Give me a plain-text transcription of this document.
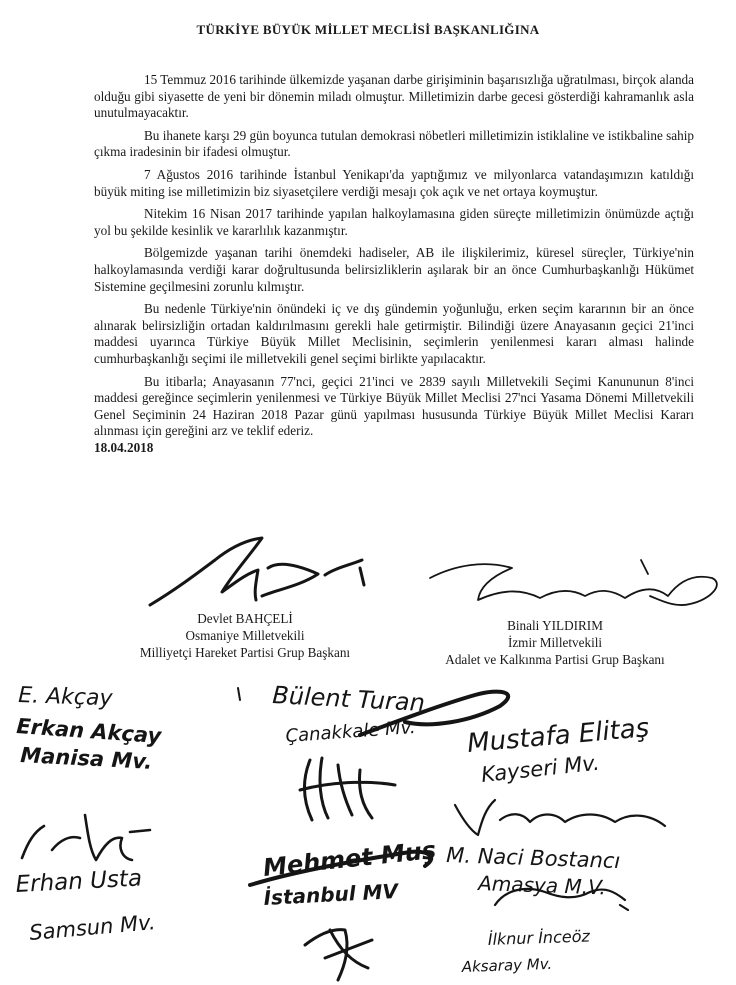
TÜRKİYE BÜYÜK MİLLET MECLİSİ BAŞKANLIĞINA

15 Temmuz 2016 tarihinde ülkemizde yaşanan darbe girişiminin başarısızlığa uğratılması, birçok alanda olduğu gibi siyasette de yeni bir dönemin miladı olmuştur. Milletimizin darbe gecesi gösterdiği kahramanlık asla unutulmayacaktır.

Bu ihanete karşı 29 gün boyunca tutulan demokrasi nöbetleri milletimizin istiklaline ve istikbaline sahip çıkma iradesinin bir ifadesi olmuştur.

7 Ağustos 2016 tarihinde İstanbul Yenikapı'da yaptığımız ve milyonlarca vatandaşımızın katıldığı büyük miting ise milletimizin biz siyasetçilere verdiği mesajı çok açık ve net ortaya koymuştur.

Nitekim 16 Nisan 2017 tarihinde yapılan halkoylamasına giden süreçte milletimizin önümüzde açtığı yol bu şekilde kesinlik ve kararlılık kazanmıştır.

Bölgemizde yaşanan tarihi önemdeki hadiseler, AB ile ilişkilerimiz, küresel süreçler, Türkiye'nin halkoylamasında verdiği karar doğrultusunda belirsizliklerin aşılarak bir an önce Cumhurbaşkanlığı Hükümet Sistemine geçilmesini zorunlu kılmıştır.

Bu nedenle Türkiye'nin önündeki iç ve dış gündemin yoğunluğu, erken seçim kararının bir an önce alınarak belirsizliğin ortadan kaldırılmasını gerekli hale getirmiştir. Bilindiği üzere Anayasanın geçici 21'inci maddesi uyarınca Türkiye Büyük Millet Meclisinin, seçimlerin yenilenmesi kararı alması halinde cumhurbaşkanlığı seçimi ile milletvekili genel seçimi birlikte yapılacaktır.

Bu itibarla; Anayasanın 77'nci, geçici 21'inci ve 2839 sayılı Milletvekili Seçimi Kanununun 8'inci maddesi gereğince seçimlerin yenilenmesi ve Türkiye Büyük Millet Meclisi 27'nci Yasama Dönemi Milletvekili Genel Seçiminin 24 Haziran 2018 Pazar günü yapılması hususunda Türkiye Büyük Millet Meclisi Kararı alınması için gereğini arz ve teklif ederiz.

18.04.2018
Devlet BAHÇELİ
Osmaniye Milletvekili
Milliyetçi Hareket Partisi Grup Başkanı
Binali YILDIRIM
İzmir Milletvekili
Adalet ve Kalkınma Partisi Grup Başkanı
E. Akçay
Erkan Akçay
Manisa Mv.
Erhan Usta
Samsun Mv.
Bülent Turan
Çanakkale Mv. Mustafa Elitaş
Kayseri Mv.
Mehmet Muş
İstanbul MV
M. Naci Bostancı
Amasya M.V.
İlknur İnceöz
Aksaray Mv.
